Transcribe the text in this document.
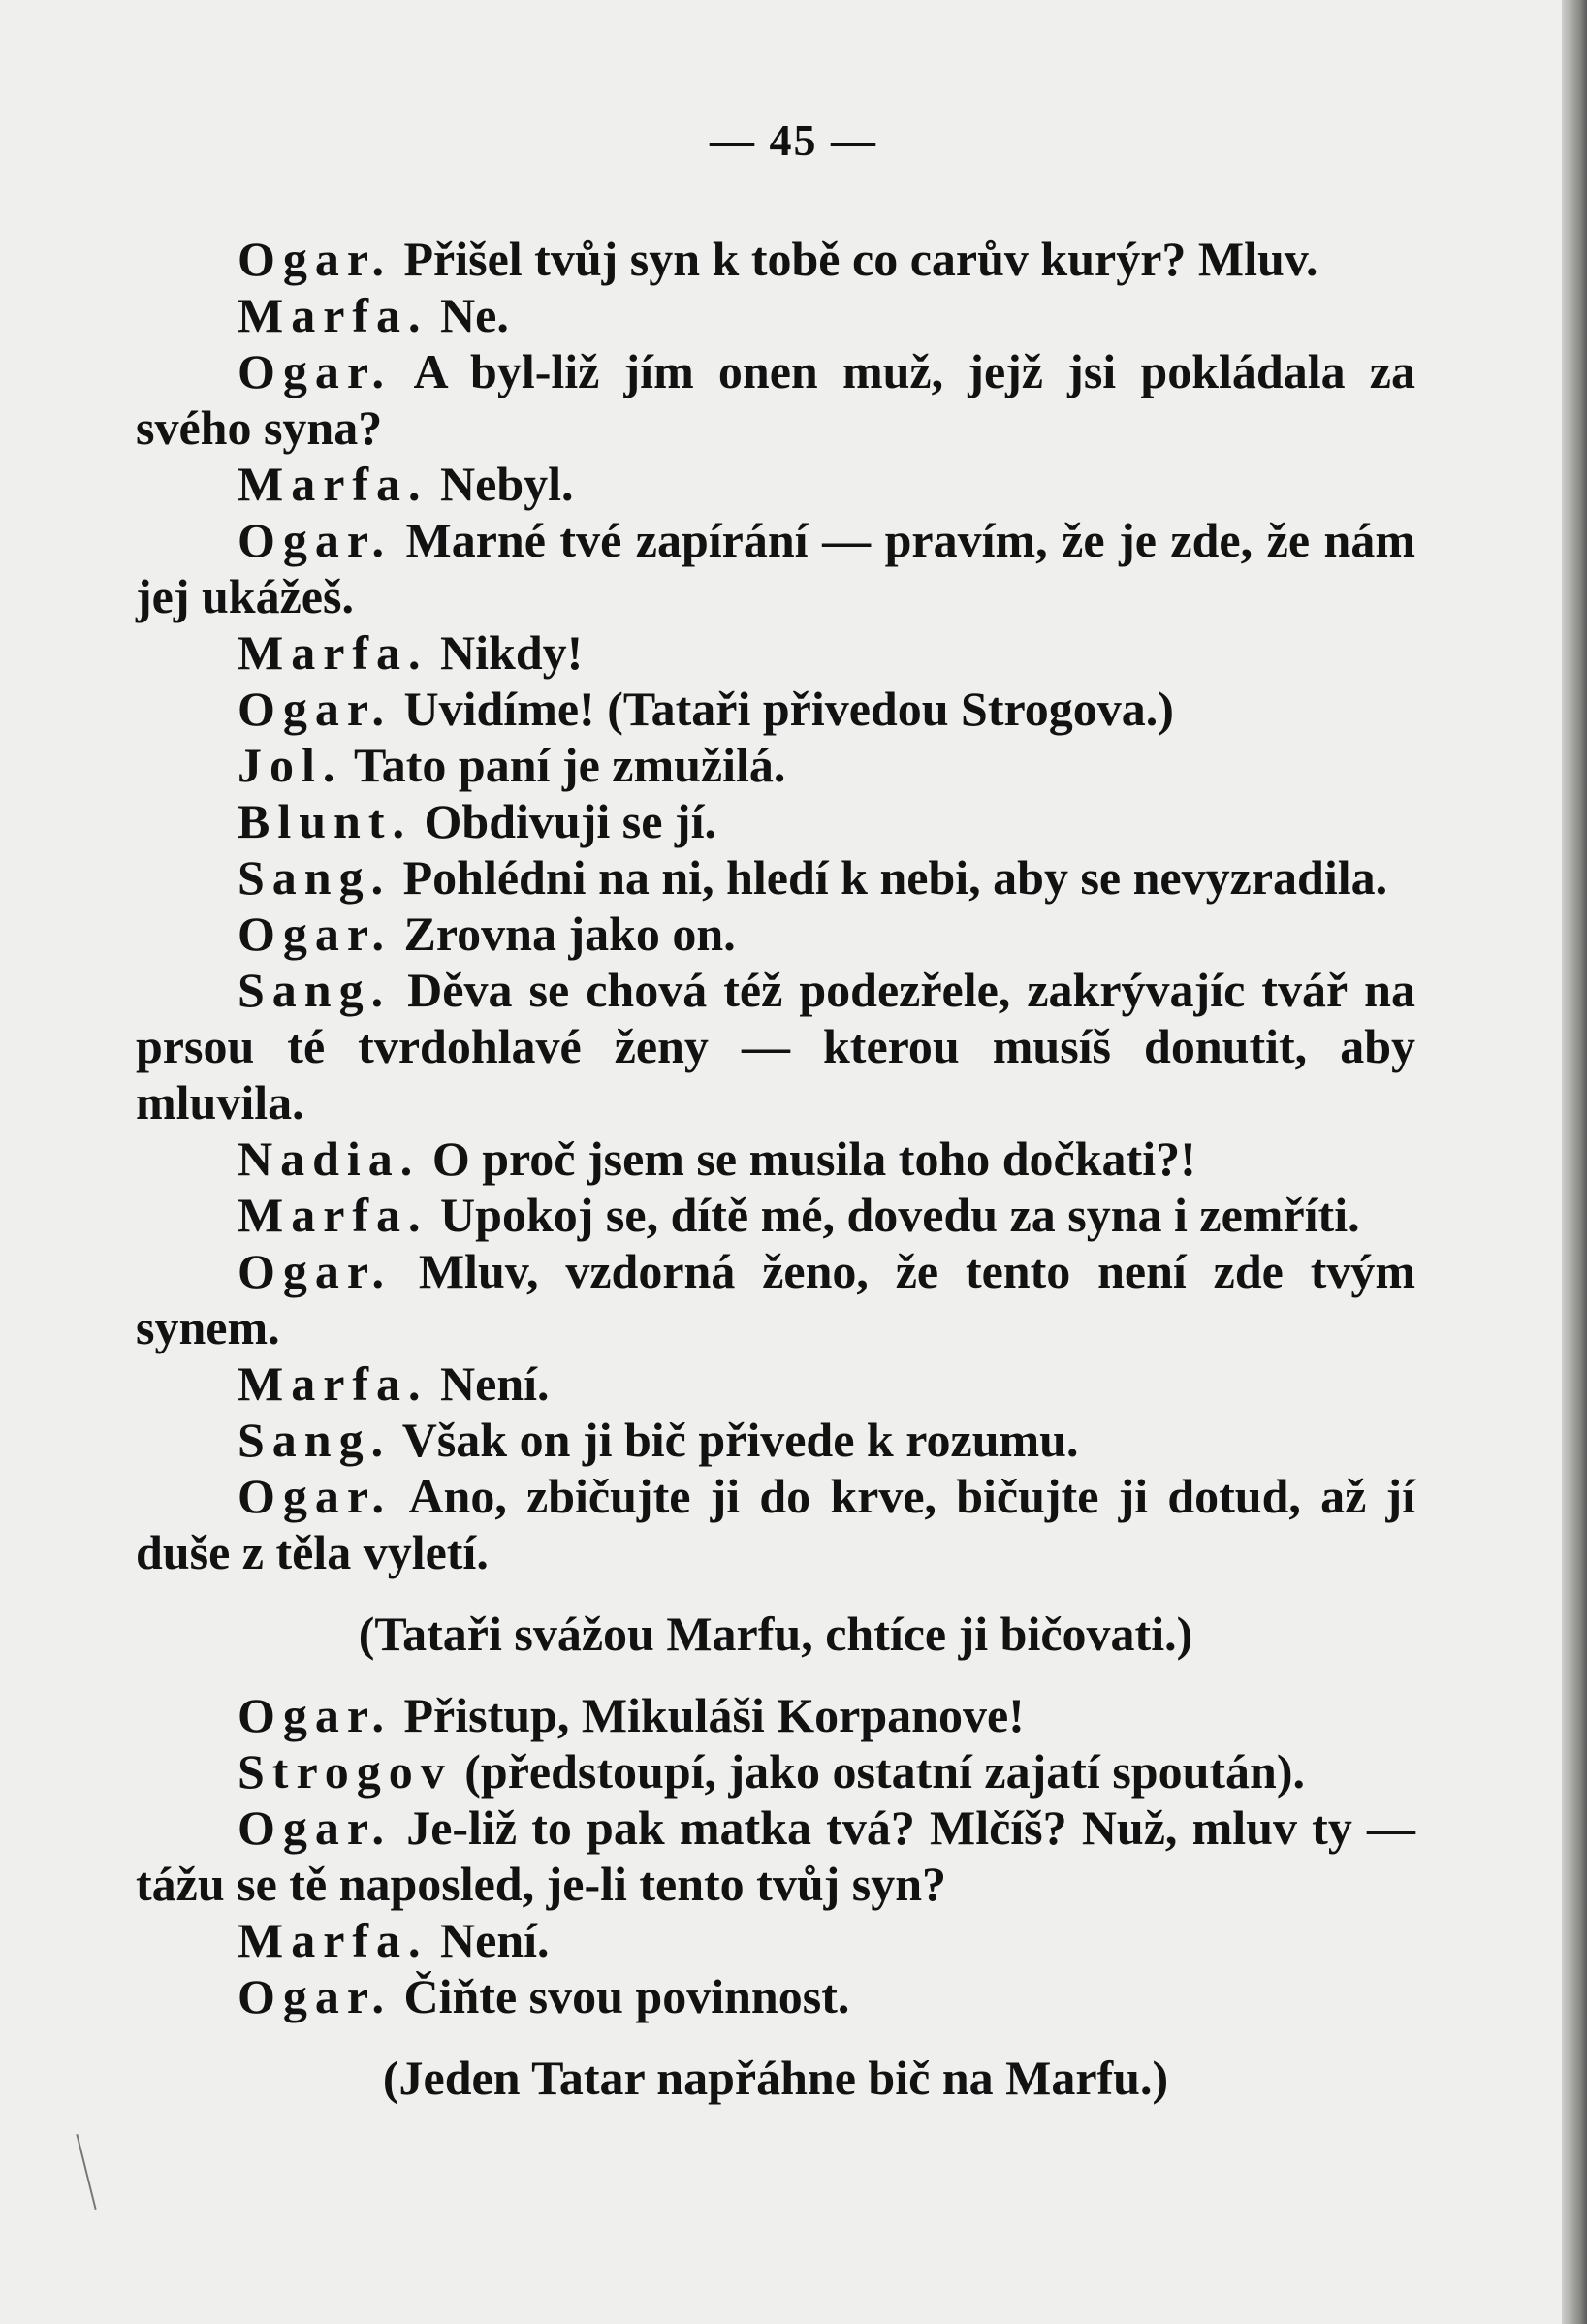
— 45 —

Ogar. Přišel tvůj syn k tobě co carův kurýr? Mluv.

Marfa. Ne.

Ogar. A byl-liž jím onen muž, jejž jsi pokládala za svého syna?

Marfa. Nebyl.

Ogar. Marné tvé zapírání — pravím, že je zde, že nám jej ukážeš.

Marfa. Nikdy!

Ogar. Uvidíme! (Tataři přivedou Strogova.)

Jol. Tato paní je zmužilá.

Blunt. Obdivuji se jí.

Sang. Pohlédni na ni, hledí k nebi, aby se nevyzradila.

Ogar. Zrovna jako on.

Sang. Děva se chová též podezřele, zakrývajíc tvář na prsou té tvrdohlavé ženy — kterou musíš donutit, aby mluvila.

Nadia. O proč jsem se musila toho dočkati?!

Marfa. Upokoj se, dítě mé, dovedu za syna i zemříti.

Ogar. Mluv, vzdorná ženo, že tento není zde tvým synem.

Marfa. Není.

Sang. Však on ji bič přivede k rozumu.

Ogar. Ano, zbičujte ji do krve, bičujte ji dotud, až jí duše z těla vyletí.

(Tataři svážou Marfu, chtíce ji bičovati.)

Ogar. Přistup, Mikuláši Korpanove!

Strogov (předstoupí, jako ostatní zajatí spoután).

Ogar. Je-liž to pak matka tvá? Mlčíš? Nuž, mluv ty — tážu se tě naposled, je-li tento tvůj syn?

Marfa. Není.

Ogar. Čiňte svou povinnost.

(Jeden Tatar napřáhne bič na Marfu.)
